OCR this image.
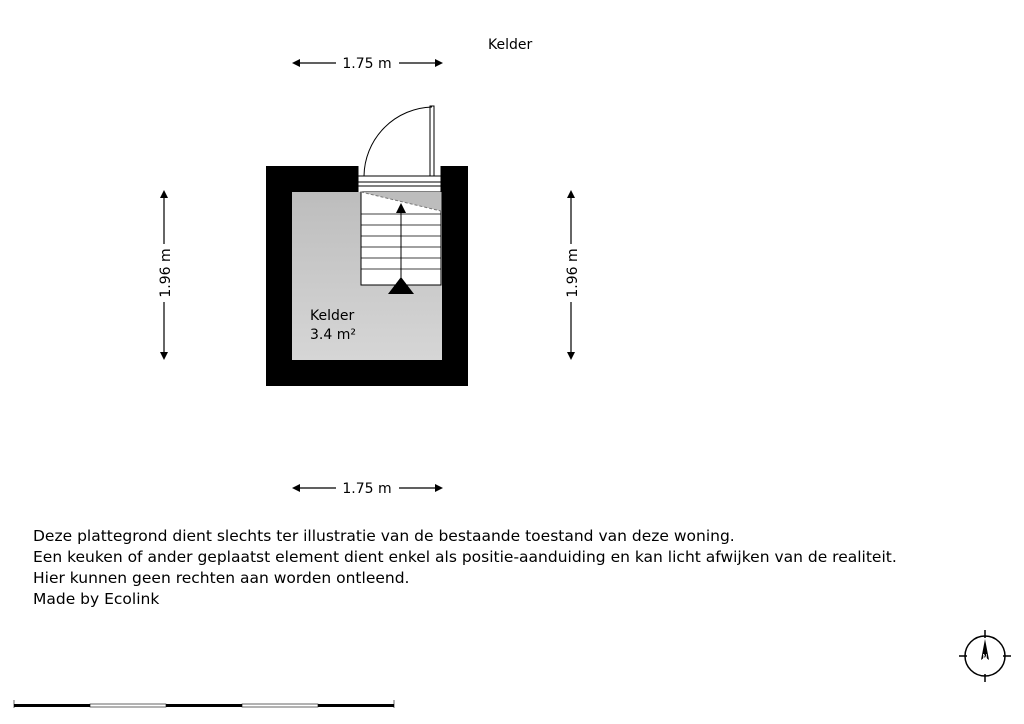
Kelder
Kelder
3.4 m²
1.75 m
1.75 m
1.96 m	1.96 m
N
Deze plattegrond dient slechts ter illustratie van de bestaande toestand van deze woning.
Een keuken of ander geplaatst element dient enkel als positie-aanduiding en kan licht afwijken van de realiteit.
Hier kunnen geen rechten aan worden ontleend.
Made by Ecolink
